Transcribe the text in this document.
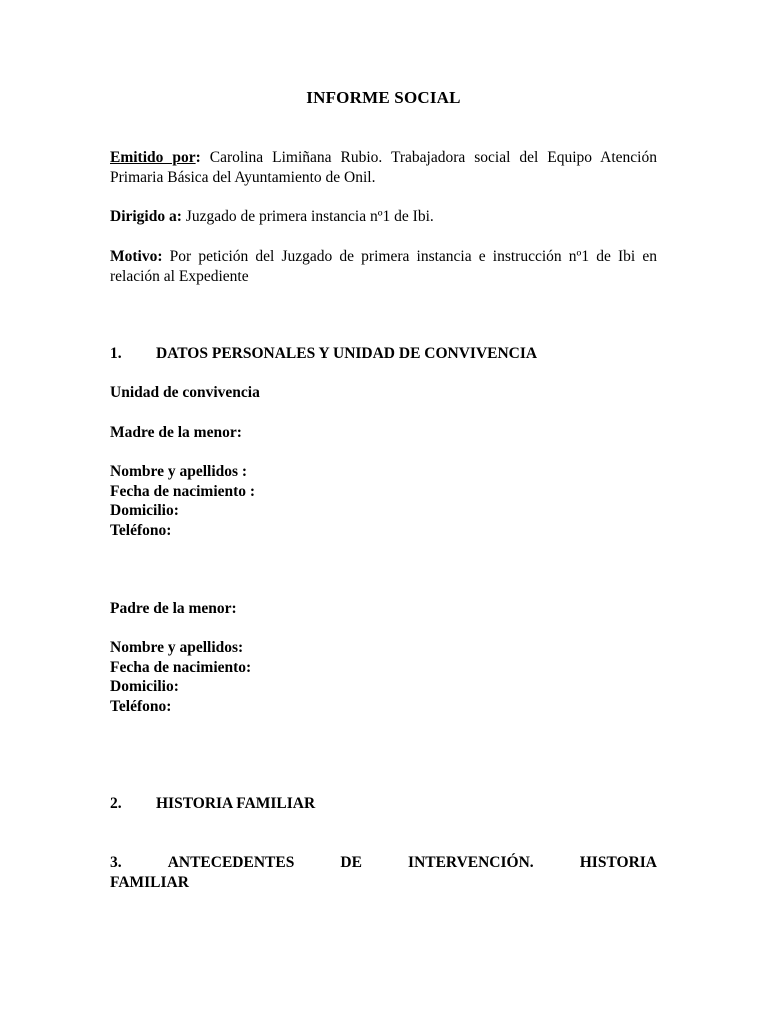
INFORME SOCIAL
Emitido por: Carolina Limiñana Rubio. Trabajadora social del Equipo Atención Primaria Básica del Ayuntamiento de Onil.
Dirigido a: Juzgado de primera instancia nº1 de Ibi.
Motivo: Por petición del Juzgado de primera instancia e instrucción nº1 de Ibi en relación al Expediente
1. DATOS PERSONALES Y UNIDAD DE CONVIVENCIA
Unidad de convivencia
Madre de la menor:
Nombre y apellidos :
Fecha de nacimiento :
Domicilio:
Teléfono:
Padre de la menor:
Nombre y apellidos:
Fecha de nacimiento:
Domicilio:
Teléfono:
2. HISTORIA FAMILIAR
3.	ANTECEDENTES	DE	INTERVENCIÓN.	HISTORIA
FAMILIAR
